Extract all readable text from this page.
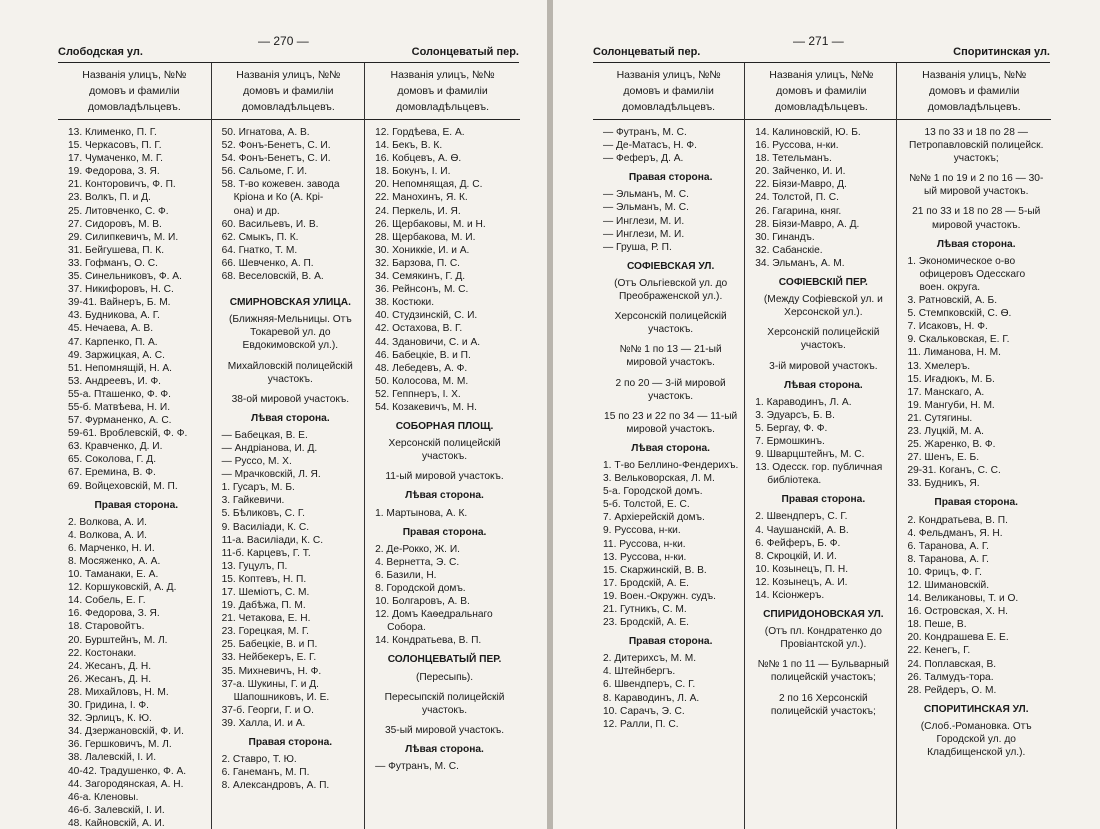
— 270 —
Слободская ул.	Солонцеватый пер.
Названія улицъ, №№
домовъ и фамиліи
домовладѣльцевъ.
13. Клименко, П. Г.
15. Черкасовъ, П. Г.
17. Чумаченко, М. Г.
19. Федорова, З. Я.
21. Конторовичъ, Ф. П.
23. Волкъ, П. и Д.
25. Литовченко, С. Ф.
27. Сидоровъ, М. В.
29. Силипкевичъ, М. И.
31. Бейгушева, П. К.
33. Гофманъ, О. С.
35. Синельниковъ, Ф. А.
37. Никифоровъ, Н. С.
39-41. Вайнеръ, Б. М.
43. Будникова, А. Г.
45. Нечаева, А. В.
47. Карпенко, П. А.
49. Заржицкая, А. С.
51. Непомнящій, Н. А.
53. Андреевъ, И. Ф.
55-а. Пташенко, Ф. Ф.
55-б. Матвѣева, Н. И.
57. Фурманенко, А. С.
59-61. Вроблевскій, Ф. Ф.
63. Кравченко, Д. И.
65. Соколова, Г. Д.
67. Еремина, В. Ф.
69. Войцеховскій, М. П.
Правая сторона.
2. Волкова, А. И.
4. Волкова, А. И.
6. Марченко, Н. И.
8. Мосяженко, А. А.
10. Таманаки, Е. А.
12. Коршуковскій, А. Д.
14. Собель, Е. Г.
16. Федорова, З. Я.
18. Старовойтъ.
20. Бурштейнъ, М. Л.
22. Костонаки.
24. Жесанъ, Д. Н.
26. Жесанъ, Д. Н.
28. Михайловъ, Н. М.
30. Гридина, І. Ф.
32. Эрлицъ, К. Ю.
34. Дзержановскій, Ф. И.
36. Гершковичъ, М. Л.
38. Лалевскій, І. И.
40-42. Традушенко, Ф. А.
44. Загородянская, А. Н.
46-а. Кленовы.
46-б. Залевскій, І. И.
48. Кайновскій, А. И.
Названія улицъ, №№
домовъ и фамиліи
домовладѣльцевъ.
50. Игнатова, А. В.
52. Фонъ-Бенетъ, С. И.
54. Фонъ-Бенетъ, С. И.
56. Сальоме, Г. И.
58. Т-во кожевен. завода
Кріона и Ко (А. Крі-
она) и др.
60. Васильевъ, И. В.
62. Смыкъ, П. К.
64. Гнатко, Т. М.
66. Шевченко, А. П.
68. Веселовскій, В. А.
СМИРНОВСКАЯ УЛИЦА.
(Ближняя-Мельницы. Отъ Токаревой ул. до Евдокимовской ул.).
Михайловскій полицейскій участокъ.
38-ой мировой участокъ.
Лѣвая сторона.
— Бабецкая, В. Е.
— Андріанова, И. Д.
— Руссо, М. Х.
— Мрачковскій, Л. Я.
1. Гусаръ, М. Б.
3. Гайкевичи.
5. Бѣликовъ, С. Г.
9. Василіади, К. С.
11-а. Василіади, К. С.
11-б. Карцевъ, Г. Т.
13. Гуцулъ, П.
15. Коптевъ, Н. П.
17. Шеміотъ, С. М.
19. Дабѣжа, П. М.
21. Четакова, Е. Н.
23. Горецкая, М. Г.
25. Бабецкіе, В. и П.
33. Нейбекеръ, Е. Г.
35. Михневичъ, Н. Ф.
37-а. Шукины, Г. и Д.
Шапошниковъ, И. Е.
37-б. Георги, Г. и О.
39. Халла, И. и А.
Правая сторона.
2. Ставро, Т. Ю.
6. Ганеманъ, М. П.
8. Александровъ, А. П.
Названія улицъ, №№
домовъ и фамиліи
домовладѣльцевъ.
12. Гордѣева, Е. А.
14. Бекъ, В. К.
16. Кобцевъ, А. Ѳ.
18. Бокунъ, І. И.
20. Непомнящая, Д. С.
22. Манохинъ, Я. К.
24. Перкель, И. Я.
26. Щербаковы, М. и Н.
28. Щербакова, М. И.
30. Хониккіе, И. и А.
32. Барзова, П. С.
34. Семякинъ, Г. Д.
36. Рейнсонъ, М. С.
38. Костюки.
40. Студзинскій, С. И.
42. Остахова, В. Г.
44. Здановичи, С. и А.
46. Бабецкіе, В. и П.
48. Лебедевъ, А. Ф.
50. Колосова, М. М.
52. Геппнеръ, І. Х.
54. Козакевичъ, М. Н.
СОБОРНАЯ ПЛОЩ.
Херсонскій полицейскій участокъ.
11-ый мировой участокъ.
Лѣвая сторона.
1. Мартынова, А. К.
Правая сторона.
2. Де-Рокко, Ж. И.
4. Вернетта, Э. С.
6. Базили, Н.
8. Городской домъ.
10. Болгаровъ, А. В.
12. Домъ Каѳедральнаго
Собора.
14. Кондратьева, В. П.
СОЛОНЦЕВАТЫЙ ПЕР.
(Пересыпь).
Пересыпскій полицейскій участокъ.
35-ый мировой участокъ.
Лѣвая сторона.
— Футранъ, М. С.
— 271 —
Солонцеватый пер.	Споритинская ул.
Названія улицъ, №№
домовъ и фамиліи
домовладѣльцевъ.
— Футранъ, М. С.
— Де-Матасъ, Н. Ф.
— Феферъ, Д. А.
Правая сторона.
— Эльманъ, М. С.
— Эльманъ, М. С.
— Инглези, М. И.
— Инглези, М. И.
— Груша, Р. П.
СОФІЕВСКАЯ УЛ.
(Отъ Ольгіевской ул. до Преображенской ул.).
Херсонскій полицейскій участокъ.
№№ 1 по 13 — 21-ый мировой участокъ.
2 по 20 — 3-ій мировой участокъ.
15 по 23 и 22 по 34 — 11-ый мировой участокъ.
Лѣвая сторона.
1. Т-во Беллино-Фендерихъ.
3. Вельковорская, Л. М.
5-а. Городской домъ.
5-б. Толстой, Е. С.
7. Архіерейскій домъ.
9. Руссова, н-ки.
11. Руссова, н-ки.
13. Руссова, н-ки.
15. Скаржинскій, В. В.
17. Бродскій, А. Е.
19. Воен.-Окружн. судъ.
21. Гутникъ, С. М.
23. Бродскій, А. Е.
Правая сторона.
2. Дитерихсъ, М. М.
4. Штейнбергъ.
6. Швендперъ, С. Г.
8. Караводинъ, Л. А.
10. Сарачъ, Э. С.
12. Ралли, П. С.
Названія улицъ, №№
домовъ и фамиліи
домовладѣльцевъ.
14. Калиновскій, Ю. Б.
16. Руссова, н-ки.
18. Тетельманъ.
20. Зайченко, И. И.
22. Біязи-Мавро, Д.
24. Толстой, П. С.
26. Гагарина, княг.
28. Біязи-Мавро, А. Д.
30. Гинандъ.
32. Сабанскіе.
34. Эльманъ, А. М.
СОФІЕВСКІЙ ПЕР.
(Между Софіевской ул. и Херсонской ул.).
Херсонскій полицейскій участокъ.
3-ій мировой участокъ.
Лѣвая сторона.
1. Караводинъ, Л. А.
3. Эдуарсъ, Б. В.
5. Бергау, Ф. Ф.
7. Ермошкинъ.
9. Шварцштейнъ, М. С.
13. Одесск. гор. публичная
библіотека.
Правая сторона.
2. Швендперъ, С. Г.
4. Чаушанскій, А. В.
6. Фейферъ, Б. Ф.
8. Скроцкій, И. И.
10. Козынецъ, П. Н.
12. Козынецъ, А. И.
14. Ксіонжеръ.
СПИРИДОНОВСКАЯ УЛ.
(Отъ пл. Кондратенко до Провіантской ул.).
№№ 1 по 11 — Бульварный полицейскій участокъ;
2 по 16 Херсонскій полицейскій участокъ;
Названія улицъ, №№
домовъ и фамиліи
домовладѣльцевъ.
13 по 33 и 18 по 28 — Петропавловскій полицейск. участокъ;
№№ 1 по 19 и 2 по 16 — 30-ый мировой участокъ.
21 по 33 и 18 по 28 — 5-ый мировой участокъ.
Лѣвая сторона.
1. Экономическое о-во
офицеровъ Одесскаго
воен. округа.
3. Ратновскій, А. Б.
5. Стемпковскій, С. Ѳ.
7. Исаковъ, Н. Ф.
9. Скальковская, Е. Г.
11. Лиманова, Н. М.
13. Хмелеръ.
15. Иғадюкъ, М. Б.
17. Манскаго, А.
19. Мангуби, Н. М.
21. Сутягины.
23. Луцкій, М. А.
25. Жаренко, В. Ф.
27. Шенъ, Е. Б.
29-31. Коганъ, С. С.
33. Будникъ, Я.
Правая сторона.
2. Кондратьева, В. П.
4. Фельдманъ, Я. Н.
6. Таранова, А. Г.
8. Таранова, А. Г.
10. Фрицъ, Ф. Г.
12. Шимановскій.
14. Великановы, Т. и О.
16. Островская, Х. Н.
18. Пеше, В.
20. Кондрашева Е. Е.
22. Кенегъ, Г.
24. Поплавская, В.
26. Талмудъ-тора.
28. Рейдеръ, О. М.
СПОРИТИНСКАЯ УЛ.
(Слоб.-Романовка. Отъ Городской ул. до Кладбищенской ул.).
